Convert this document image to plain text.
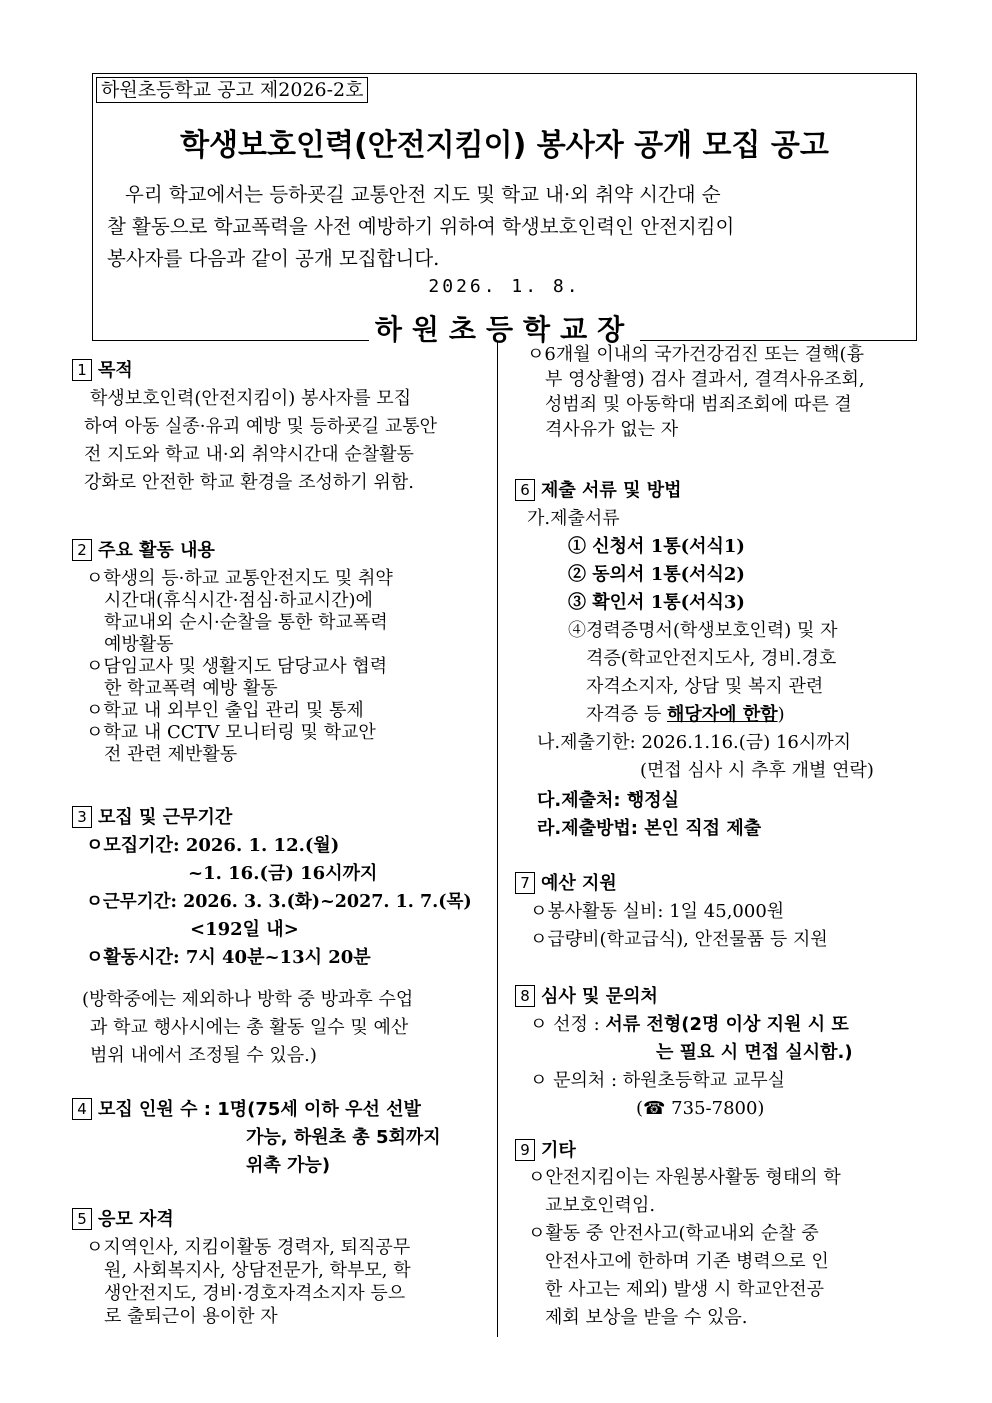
하원초등학교 공고 제2026-2호
학생보호인력(안전지킴이) 봉사자 공개 모집 공고
우리 학교에서는 등하굣길 교통안전 지도 및 학교 내·외 취약 시간대 순
찰 활동으로 학교폭력을 사전 예방하기 위하여 학생보호인력인 안전지킴이
봉사자를 다음과 같이 공개 모집합니다.
2026. 1. 8.
하원초등학교장
1 목적
학생보호인력(안전지킴이) 봉사자를 모집
하여 아동 실종·유괴 예방 및 등하굣길 교통안
전 지도와 학교 내·외 취약시간대 순찰활동
강화로 안전한 학교 환경을 조성하기 위함.
2 주요 활동 내용
ㅇ학생의 등·하교 교통안전지도 및 취약
시간대(휴식시간·점심·하교시간)에
학교내외 순시·순찰을 통한 학교폭력
예방활동
ㅇ담임교사 및 생활지도 담당교사 협력
한 학교폭력 예방 활동
ㅇ학교 내 외부인 출입 관리 및 통제
ㅇ학교 내 CCTV 모니터링 및 학교안
전 관련 제반활동
3 모집 및 근무기간
ㅇ모집기간: 2026. 1. 12.(월)
~1. 16.(금) 16시까지
ㅇ근무기간: 2026. 3. 3.(화)~2027. 1. 7.(목)
<192일 내>
ㅇ활동시간: 7시 40분~13시 20분
(방학중에는 제외하나 방학 중 방과후 수업
과 학교 행사시에는 총 활동 일수 및 예산
범위 내에서 조정될 수 있음.)
4 모집 인원 수 : 1명(75세 이하 우선 선발
가능, 하원초 총 5회까지
위촉 가능)
5 응모 자격
ㅇ지역인사, 지킴이활동 경력자, 퇴직공무
원, 사회복지사, 상담전문가, 학부모, 학
생안전지도, 경비·경호자격소지자 등으
로 출퇴근이 용이한 자
ㅇ6개월 이내의 국가건강검진 또는 결핵(흉
부 영상촬영) 검사 결과서, 결격사유조회,
성범죄 및 아동학대 범죄조회에 따른 결
격사유가 없는 자
6 제출 서류 및 방법
가.제출서류
① 신청서 1통(서식1)
② 동의서 1통(서식2)
③ 확인서 1통(서식3)
④경력증명서(학생보호인력) 및 자
격증(학교안전지도사, 경비.경호
자격소지자, 상담 및 복지 관련
자격증 등 해당자에 한함)
나.제출기한: 2026.1.16.(금) 16시까지
(면접 심사 시 추후 개별 연락)
다.제출처: 행정실
라.제출방법: 본인 직접 제출
7 예산 지원
ㅇ봉사활동 실비: 1일 45,000원
ㅇ급량비(학교급식), 안전물품 등 지원
8 심사 및 문의처
ㅇ 선정 : 서류 전형(2명 이상 지원 시 또
는 필요 시 면접 실시함.)
ㅇ 문의처 : 하원초등학교 교무실
(☎ 735-7800)
9 기타
ㅇ안전지킴이는 자원봉사활동 형태의 학
교보호인력임.
ㅇ활동 중 안전사고(학교내외 순찰 중
안전사고에 한하며 기존 병력으로 인
한 사고는 제외) 발생 시 학교안전공
제회 보상을 받을 수 있음.
